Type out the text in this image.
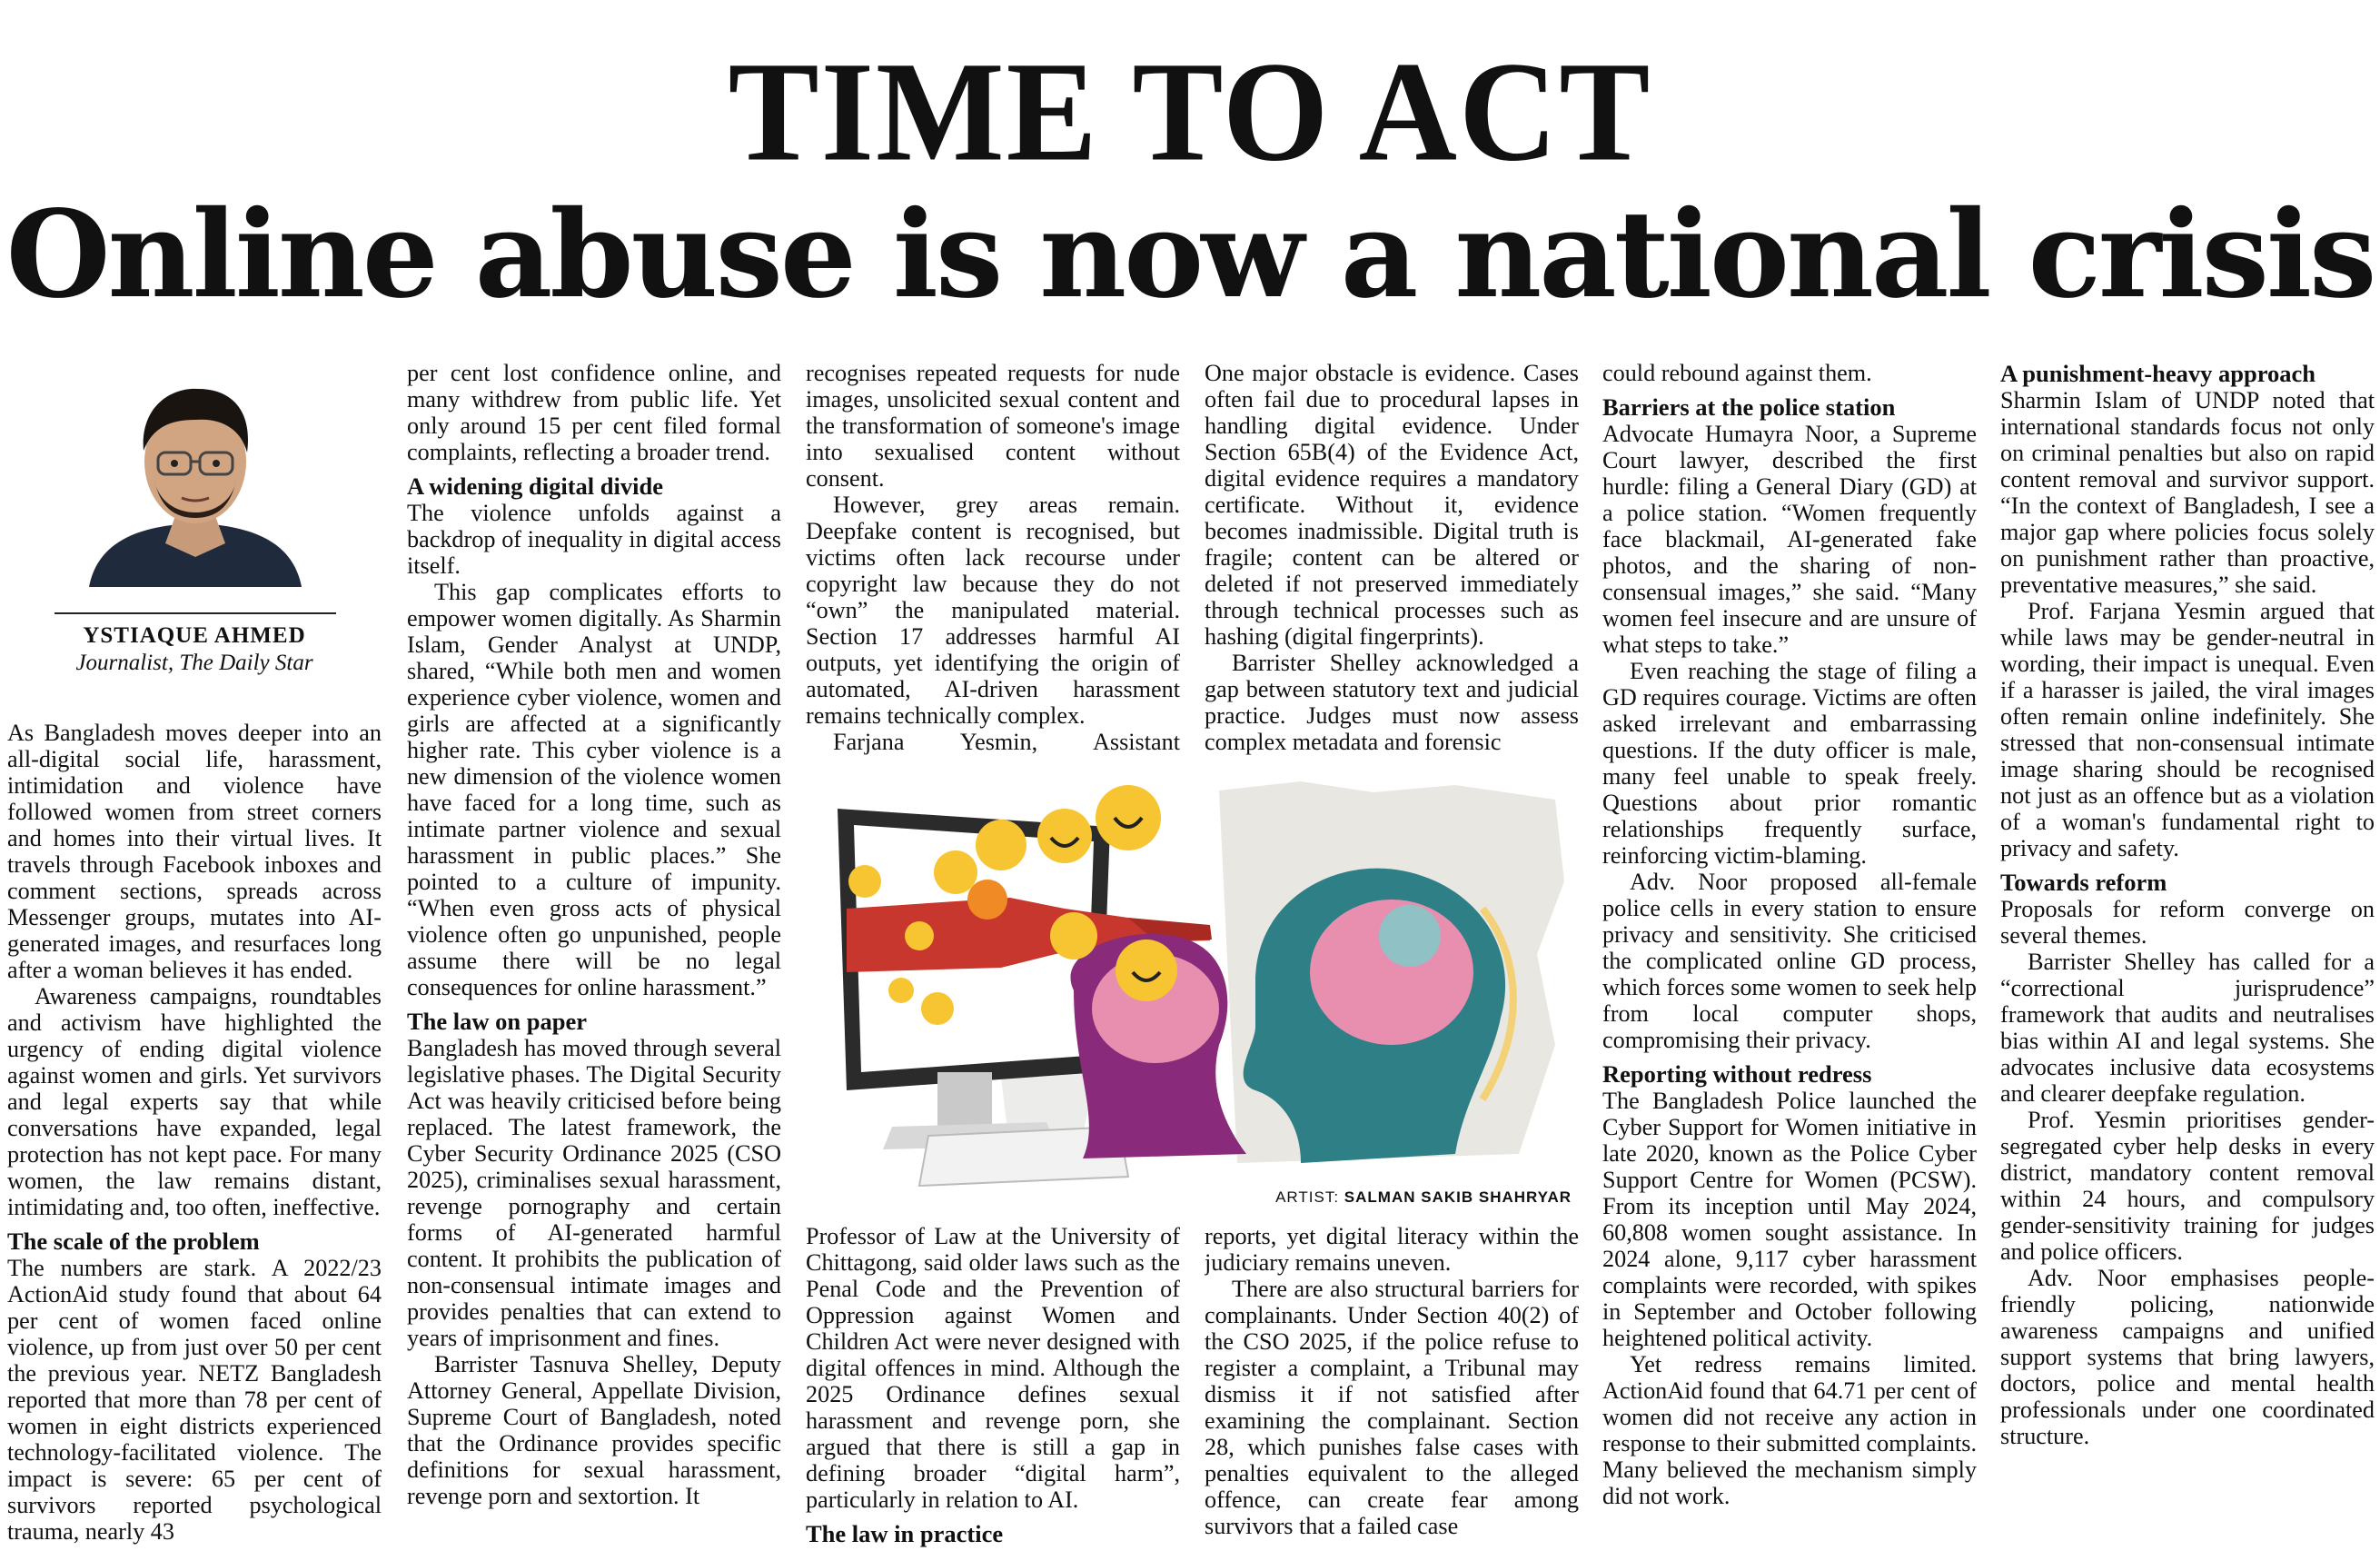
TIME TO ACT
Online abuse is now a national crisis
YSTIAQUE AHMED
Journalist, The Daily Star

As Bangladesh moves deeper into an all-digital social life, harassment, intimidation and violence have followed women from street corners and homes into their virtual lives. It travels through Facebook inboxes and comment sections, spreads across Messenger groups, mutates into AI-generated images, and resurfaces long after a woman believes it has ended.

Awareness campaigns, roundtables and activism have highlighted the urgency of ending digital violence against women and girls. Yet survivors and legal experts say that while conversations have expanded, legal protection has not kept pace. For many women, the law remains distant, intimidating and, too often, ineffective.

The scale of the problem

The numbers are stark. A 2022/23 ActionAid study found that about 64 per cent of women faced online violence, up from just over 50 per cent the previous year. NETZ Bangladesh reported that more than 78 per cent of women in eight districts experienced technology-facilitated violence. The impact is severe: 65 per cent of survivors reported psychological trauma, nearly 43

per cent lost confidence online, and many withdrew from public life. Yet only around 15 per cent filed formal complaints, reflecting a broader trend.

A widening digital divide

The violence unfolds against a backdrop of inequality in digital access itself.

This gap complicates efforts to empower women digitally. As Sharmin Islam, Gender Analyst at UNDP, shared, “While both men and women experience cyber violence, women and girls are affected at a significantly higher rate. This cyber violence is a new dimension of the violence women have faced for a long time, such as intimate partner violence and sexual harassment in public places.” She pointed to a culture of impunity. “When even gross acts of physical violence often go unpunished, people assume there will be no legal consequences for online harassment.”

The law on paper

Bangladesh has moved through several legislative phases. The Digital Security Act was heavily criticised before being replaced. The latest framework, the Cyber Security Ordinance 2025 (CSO 2025), criminalises sexual harassment, revenge pornography and certain forms of AI-generated harmful content. It prohibits the publication of non-consensual intimate images and provides penalties that can extend to years of imprisonment and fines.

Barrister Tasnuva Shelley, Deputy Attorney General, Appellate Division, Supreme Court of Bangladesh, noted that the Ordinance provides specific definitions for sexual harassment, revenge porn and sextortion. It

recognises repeated requests for nude images, unsolicited sexual content and the transformation of someone's image into sexualised content without consent.

However, grey areas remain. Deepfake content is recognised, but victims often lack recourse under copyright law because they do not “own” the manipulated material. Section 17 addresses harmful AI outputs, yet identifying the origin of automated, AI-driven harassment remains technically complex.

Farjana Yesmin, Assistant

One major obstacle is evidence. Cases often fail due to procedural lapses in handling digital evidence. Under Section 65B(4) of the Evidence Act, digital evidence requires a mandatory certificate. Without it, evidence becomes inadmissible. Digital truth is fragile; content can be altered or deleted if not preserved immediately through technical processes such as hashing (digital fingerprints).

Barrister Shelley acknowledged a gap between statutory text and judicial practice. Judges must now assess complex metadata and forensic

ARTIST: SALMAN SAKIB SHAHRYAR

Professor of Law at the University of Chittagong, said older laws such as the Penal Code and the Prevention of Oppression against Women and Children Act were never designed with digital offences in mind. Although the 2025 Ordinance defines sexual harassment and revenge porn, she argued that there is still a gap in defining broader “digital harm”, particularly in relation to AI.

The law in practice

reports, yet digital literacy within the judiciary remains uneven.

There are also structural barriers for complainants. Under Section 40(2) of the CSO 2025, if the police refuse to register a complaint, a Tribunal may dismiss it if not satisfied after examining the complainant. Section 28, which punishes false cases with penalties equivalent to the alleged offence, can create fear among survivors that a failed case

could rebound against them.

Barriers at the police station

Advocate Humayra Noor, a Supreme Court lawyer, described the first hurdle: filing a General Diary (GD) at a police station. “Women frequently face blackmail, AI-generated fake photos, and the sharing of non-consensual images,” she said. “Many women feel insecure and are unsure of what steps to take.”

Even reaching the stage of filing a GD requires courage. Victims are often asked irrelevant and embarrassing questions. If the duty officer is male, many feel unable to speak freely. Questions about prior romantic relationships frequently surface, reinforcing victim-blaming.

Adv. Noor proposed all-female police cells in every station to ensure privacy and sensitivity. She criticised the complicated online GD process, which forces some women to seek help from local computer shops, compromising their privacy.

Reporting without redress

The Bangladesh Police launched the Cyber Support for Women initiative in late 2020, known as the Police Cyber Support Centre for Women (PCSW). From its inception until May 2024, 60,808 women sought assistance. In 2024 alone, 9,117 cyber harassment complaints were recorded, with spikes in September and October following heightened political activity.

Yet redress remains limited. ActionAid found that 64.71 per cent of women did not receive any action in response to their submitted complaints. Many believed the mechanism simply did not work.

A punishment-heavy approach

Sharmin Islam of UNDP noted that international standards focus not only on criminal penalties but also on rapid content removal and survivor support. “In the context of Bangladesh, I see a major gap where policies focus solely on punishment rather than proactive, preventative measures,” she said.

Prof. Farjana Yesmin argued that while laws may be gender-neutral in wording, their impact is unequal. Even if a harasser is jailed, the viral images often remain online indefinitely. She stressed that non-consensual intimate image sharing should be recognised not just as an offence but as a violation of a woman's fundamental right to privacy and safety.

Towards reform

Proposals for reform converge on several themes.

Barrister Shelley has called for a “correctional jurisprudence” framework that audits and neutralises bias within AI and legal systems. She advocates inclusive data ecosystems and clearer deepfake regulation.

Prof. Yesmin prioritises gender-segregated cyber help desks in every district, mandatory content removal within 24 hours, and compulsory gender-sensitivity training for judges and police officers.

Adv. Noor emphasises people-friendly policing, nationwide awareness campaigns and unified support systems that bring lawyers, doctors, police and mental health professionals under one coordinated structure.
